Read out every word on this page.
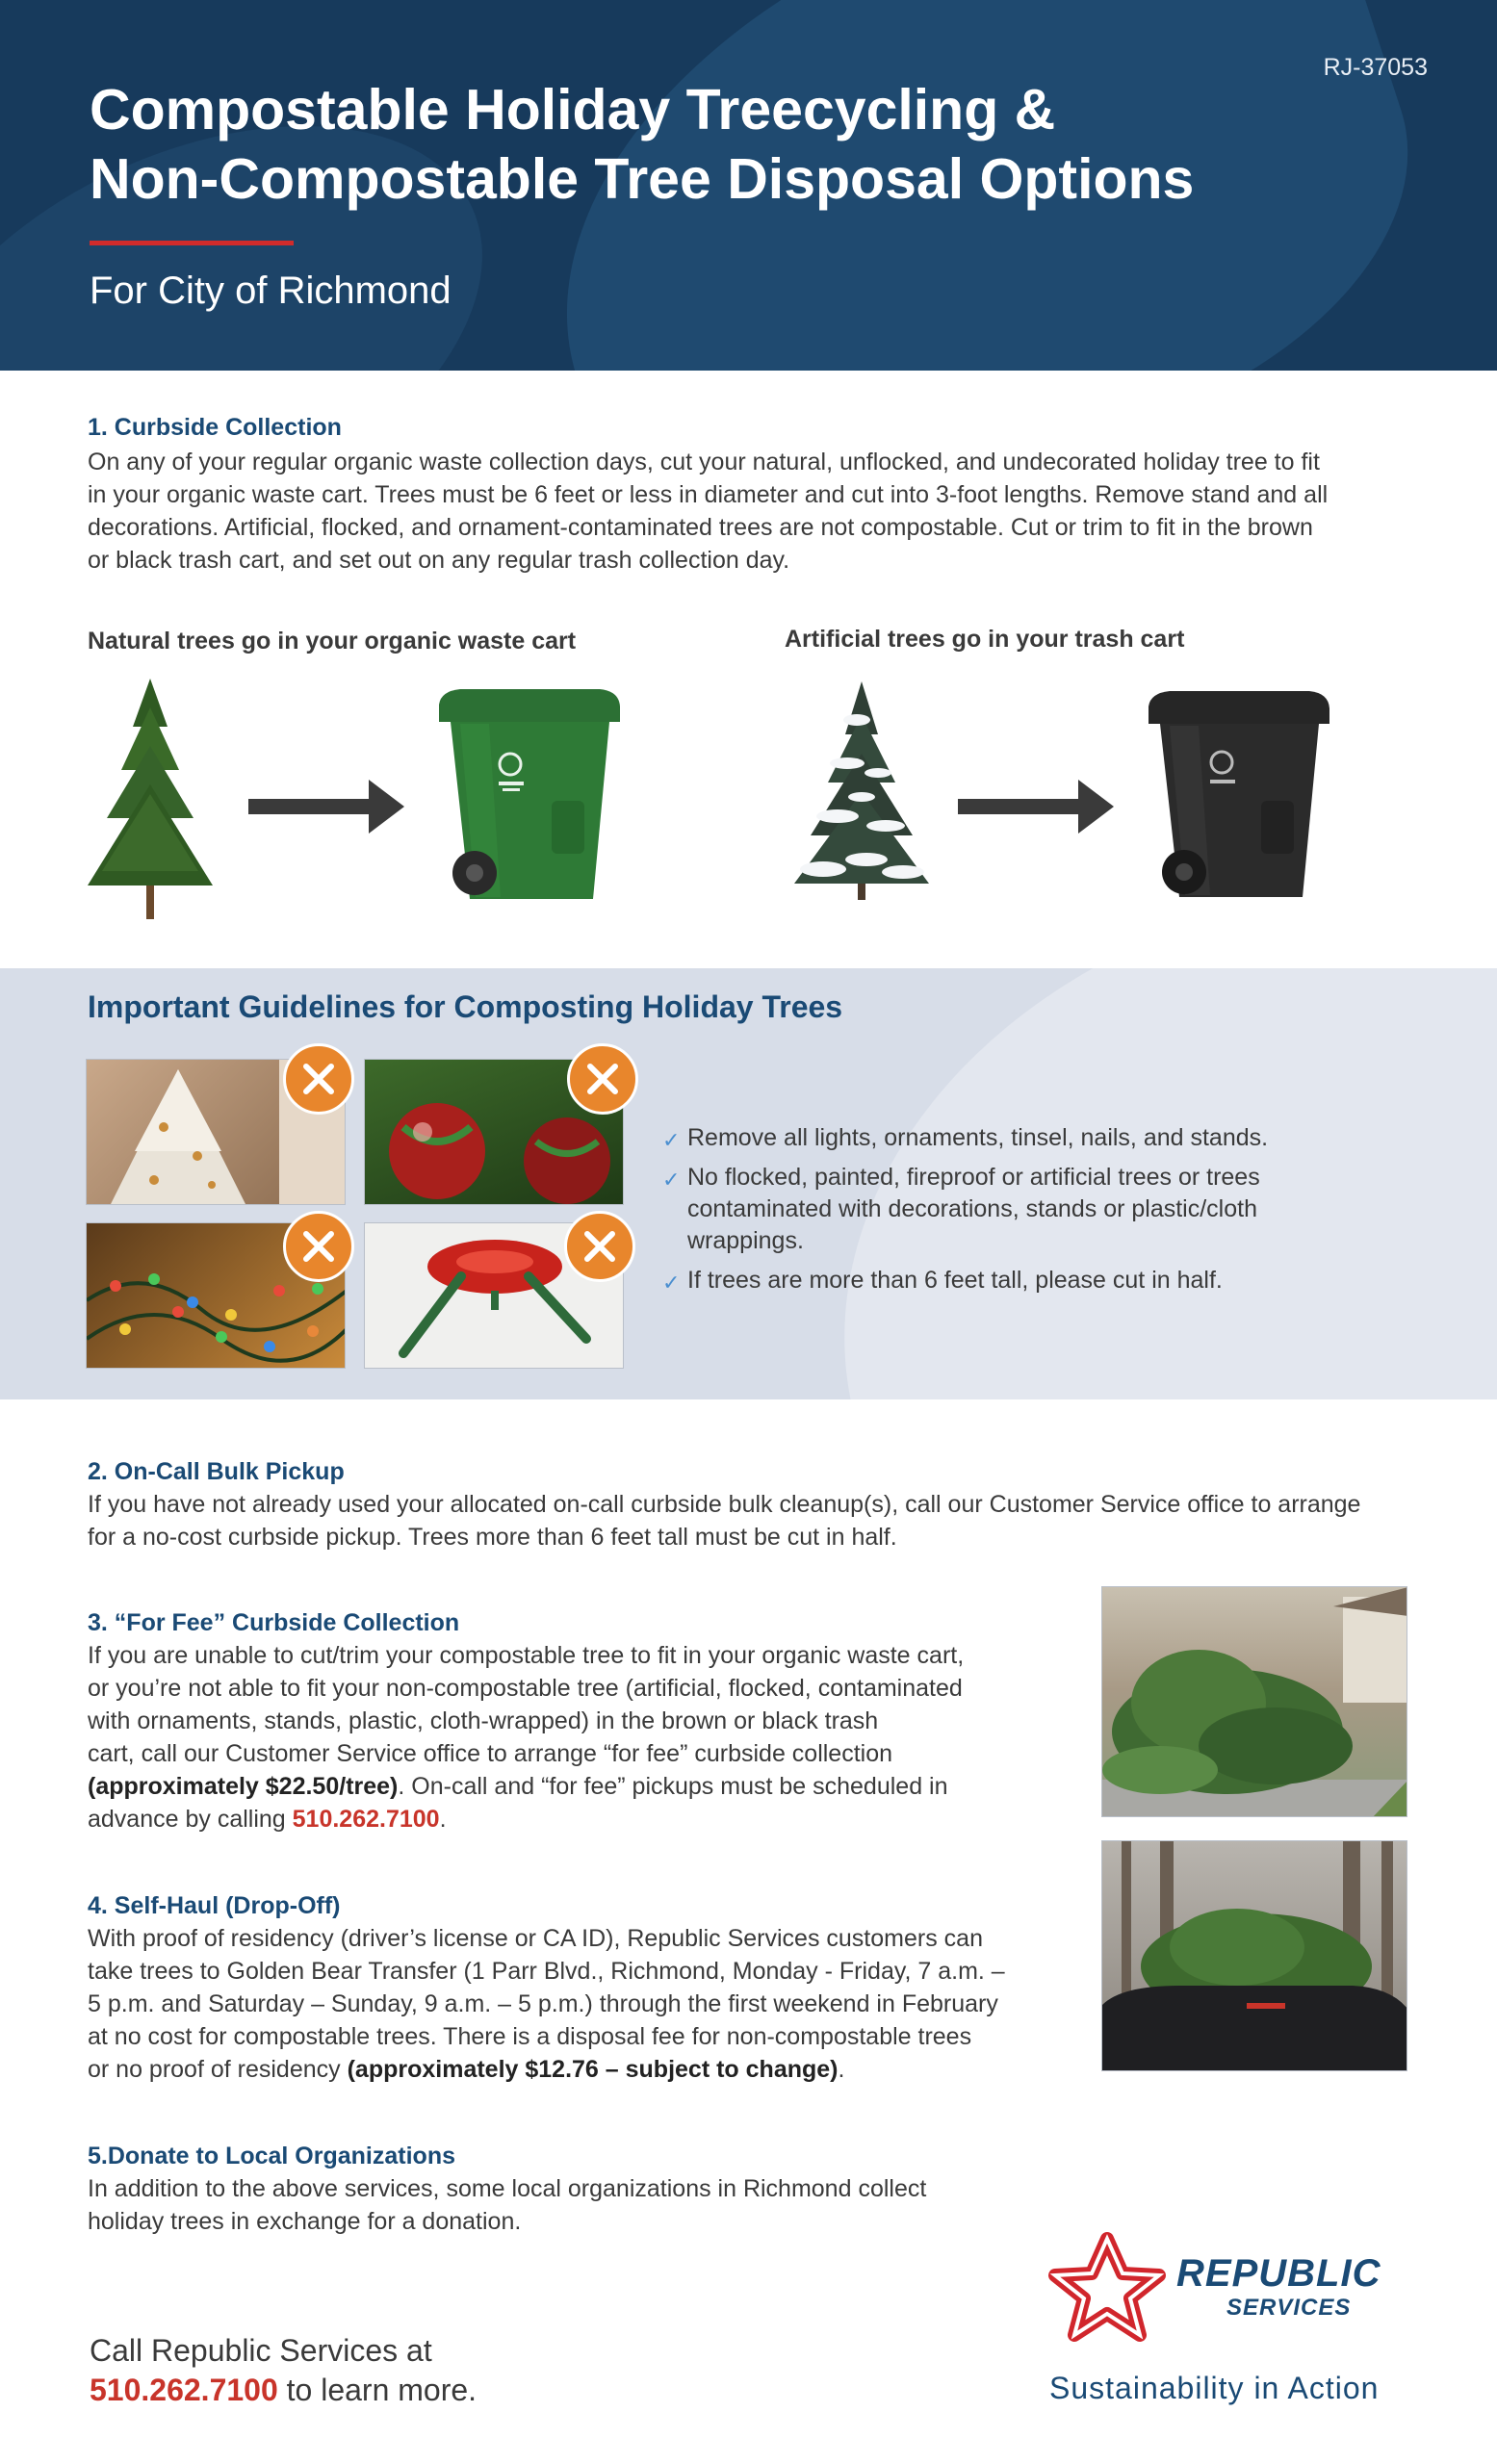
RJ-37053
Compostable Holiday Treecycling &
Non-Compostable Tree Disposal Options
For City of Richmond
1. Curbside Collection
On any of your regular organic waste collection days, cut your natural, unflocked, and undecorated holiday tree to fit
in your organic waste cart. Trees must be 6 feet or less in diameter and cut into 3-foot lengths. Remove stand and all
decorations. Artificial, flocked, and ornament-contaminated trees are not compostable. Cut or trim to fit in the brown
or black trash cart, and set out on any regular trash collection day.
Natural trees go in your organic waste cart	Artificial trees go in your trash cart
Important Guidelines for Composting Holiday Trees
✓ Remove all lights, ornaments, tinsel, nails, and stands.
✓ No flocked, painted, fireproof or artificial trees or trees contaminated with decorations, stands or plastic/cloth wrappings.
✓ If trees are more than 6 feet tall, please cut in half.
2. On-Call Bulk Pickup
If you have not already used your allocated on-call curbside bulk cleanup(s), call our Customer Service office to arrange
for a no-cost curbside pickup. Trees more than 6 feet tall must be cut in half.
3. “For Fee” Curbside Collection
If you are unable to cut/trim your compostable tree to fit in your organic waste cart,
or you’re not able to fit your non-compostable tree (artificial, flocked, contaminated
with ornaments, stands, plastic, cloth-wrapped) in the brown or black trash
cart, call our Customer Service office to arrange “for fee” curbside collection
(approximately $22.50/tree). On-call and “for fee” pickups must be scheduled in
advance by calling 510.262.7100.
4. Self-Haul (Drop-Off)
With proof of residency (driver’s license or CA ID), Republic Services customers can
take trees to Golden Bear Transfer (1 Parr Blvd., Richmond, Monday - Friday, 7 a.m. –
5 p.m. and Saturday – Sunday, 9 a.m. – 5 p.m.) through the first weekend in February
at no cost for compostable trees. There is a disposal fee for non-compostable trees
or no proof of residency (approximately $12.76 – subject to change).
5.Donate to Local Organizations
In addition to the above services, some local organizations in Richmond collect
holiday trees in exchange for a donation.
Call Republic Services at
510.262.7100 to learn more.
REPUBLIC
SERVICES
Sustainability in Action
